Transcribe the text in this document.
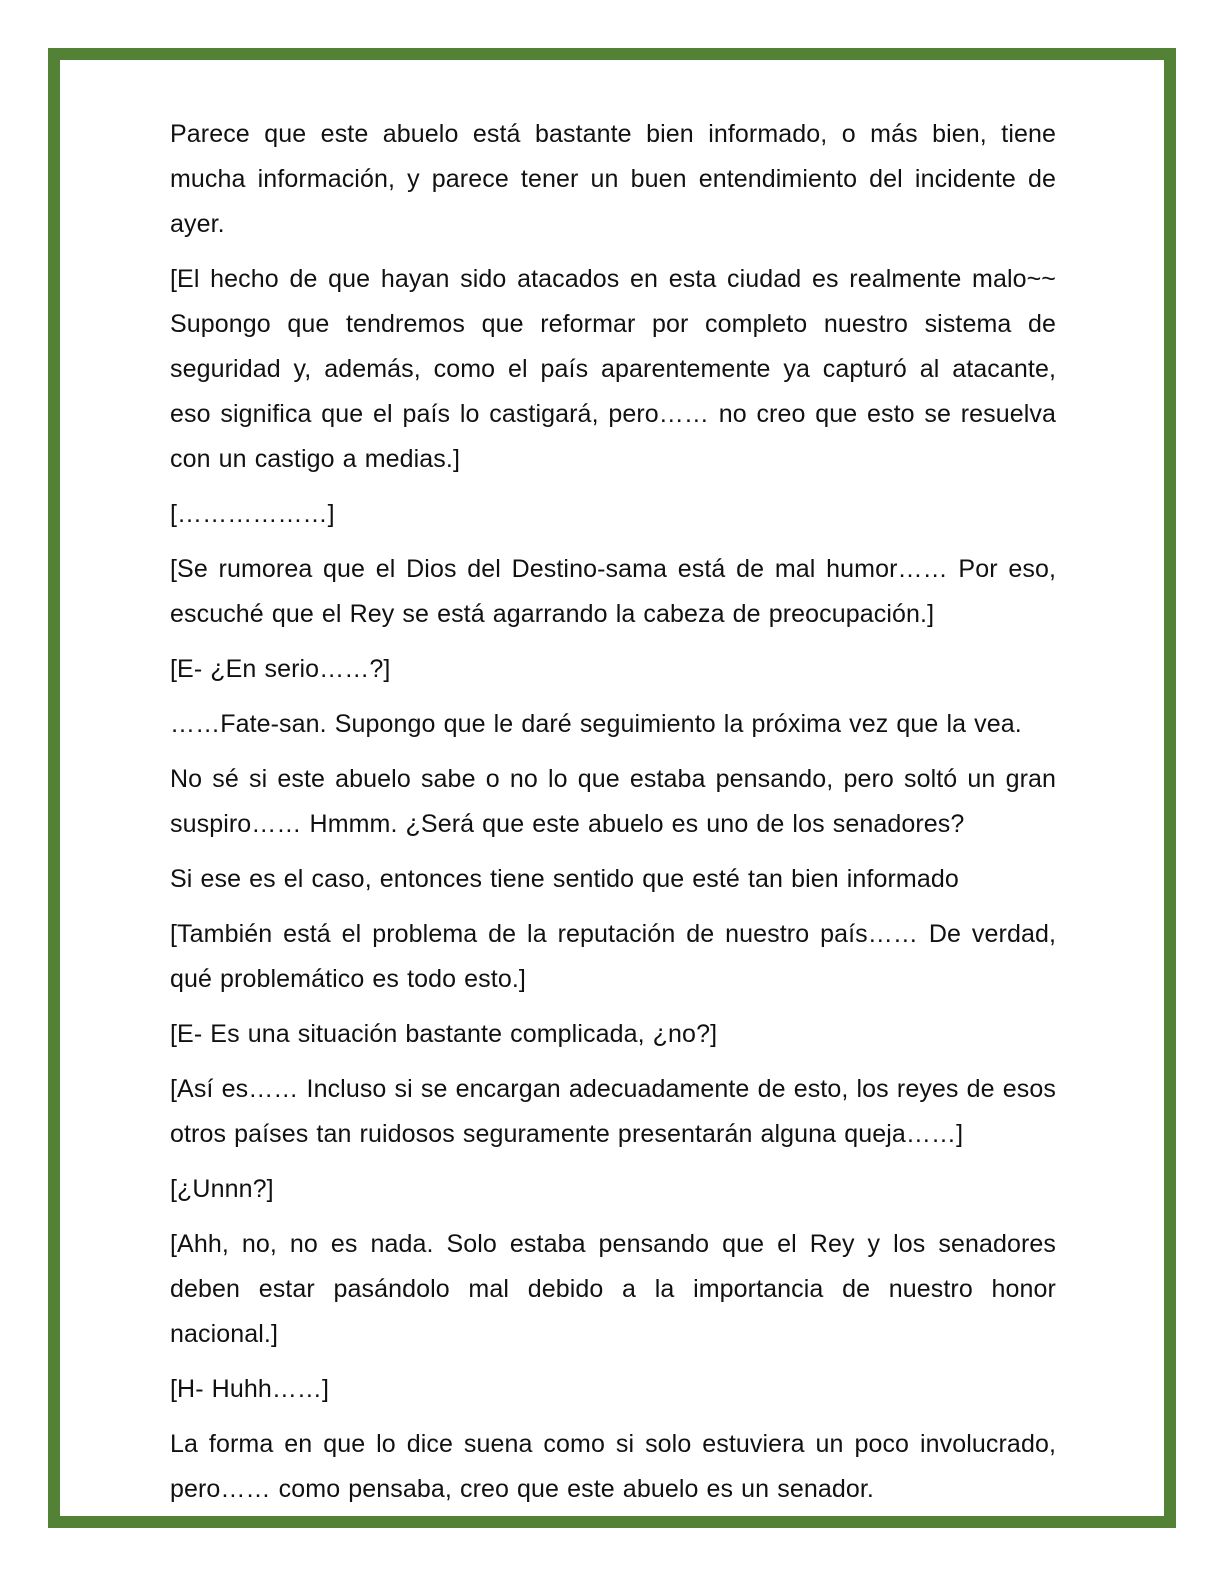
Parece que este abuelo está bastante bien informado, o más bien, tiene mucha información, y parece tener un buen entendimiento del incidente de ayer.

[El hecho de que hayan sido atacados en esta ciudad es realmente malo~~ Supongo que tendremos que reformar por completo nuestro sistema de seguridad y, además, como el país aparentemente ya capturó al atacante, eso significa que el país lo castigará, pero…… no creo que esto se resuelva con un castigo a medias.]

[………………]

[Se rumorea que el Dios del Destino-sama está de mal humor…… Por eso, escuché que el Rey se está agarrando la cabeza de preocupación.]

[E- ¿En serio……?]

……Fate-san. Supongo que le daré seguimiento la próxima vez que la vea.

No sé si este abuelo sabe o no lo que estaba pensando, pero soltó un gran suspiro…… Hmmm. ¿Será que este abuelo es uno de los senadores?

Si ese es el caso, entonces tiene sentido que esté tan bien informado

[También está el problema de la reputación de nuestro país…… De verdad, qué problemático es todo esto.]

[E- Es una situación bastante complicada, ¿no?]

[Así es…… Incluso si se encargan adecuadamente de esto, los reyes de esos otros países tan ruidosos seguramente presentarán alguna queja……]

[¿Unnn?]

[Ahh, no, no es nada. Solo estaba pensando que el Rey y los senadores deben estar pasándolo mal debido a la importancia de nuestro honor nacional.]

[H- Huhh……]

La forma en que lo dice suena como si solo estuviera un poco involucrado, pero…… como pensaba, creo que este abuelo es un senador.
